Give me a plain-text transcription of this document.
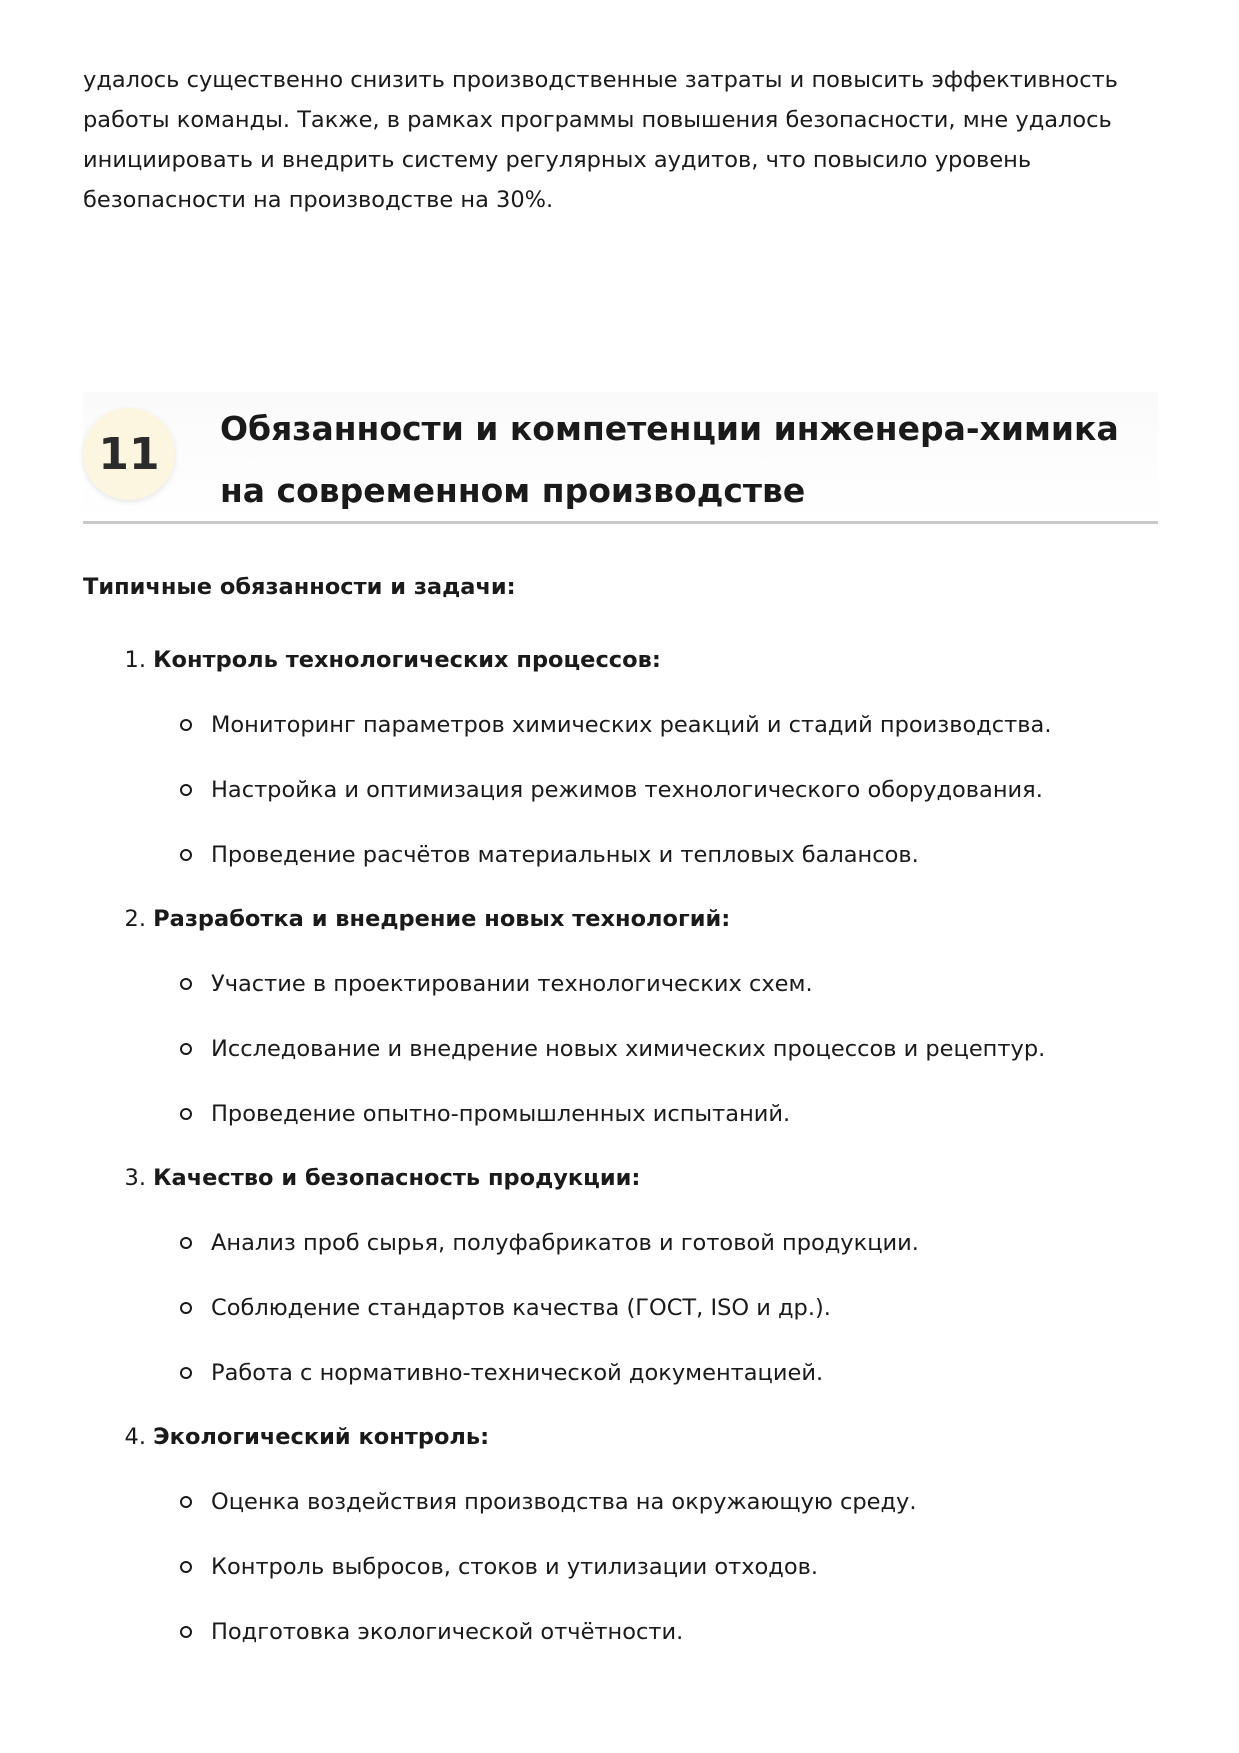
удалось существенно снизить производственные затраты и повысить эффективность работы команды. Также, в рамках программы повышения безопасности, мне удалось инициировать и внедрить систему регулярных аудитов, что повысило уровень безопасности на производстве на 30%.

11	Обязанности и компетенции инженера-химика на современном производстве

Типичные обязанности и задачи:

1.
Контроль технологических процессов:
Мониторинг параметров химических реакций и стадий производства.
Настройка и оптимизация режимов технологического оборудования.
Проведение расчётов материальных и тепловых балансов.
2.
Разработка и внедрение новых технологий:
Участие в проектировании технологических схем.
Исследование и внедрение новых химических процессов и рецептур.
Проведение опытно-промышленных испытаний.
3.
Качество и безопасность продукции:
Анализ проб сырья, полуфабрикатов и готовой продукции.
Соблюдение стандартов качества (ГОСТ, ISO и др.).
Работа с нормативно-технической документацией.
4.
Экологический контроль:
Оценка воздействия производства на окружающую среду.
Контроль выбросов, стоков и утилизации отходов.
Подготовка экологической отчётности.
